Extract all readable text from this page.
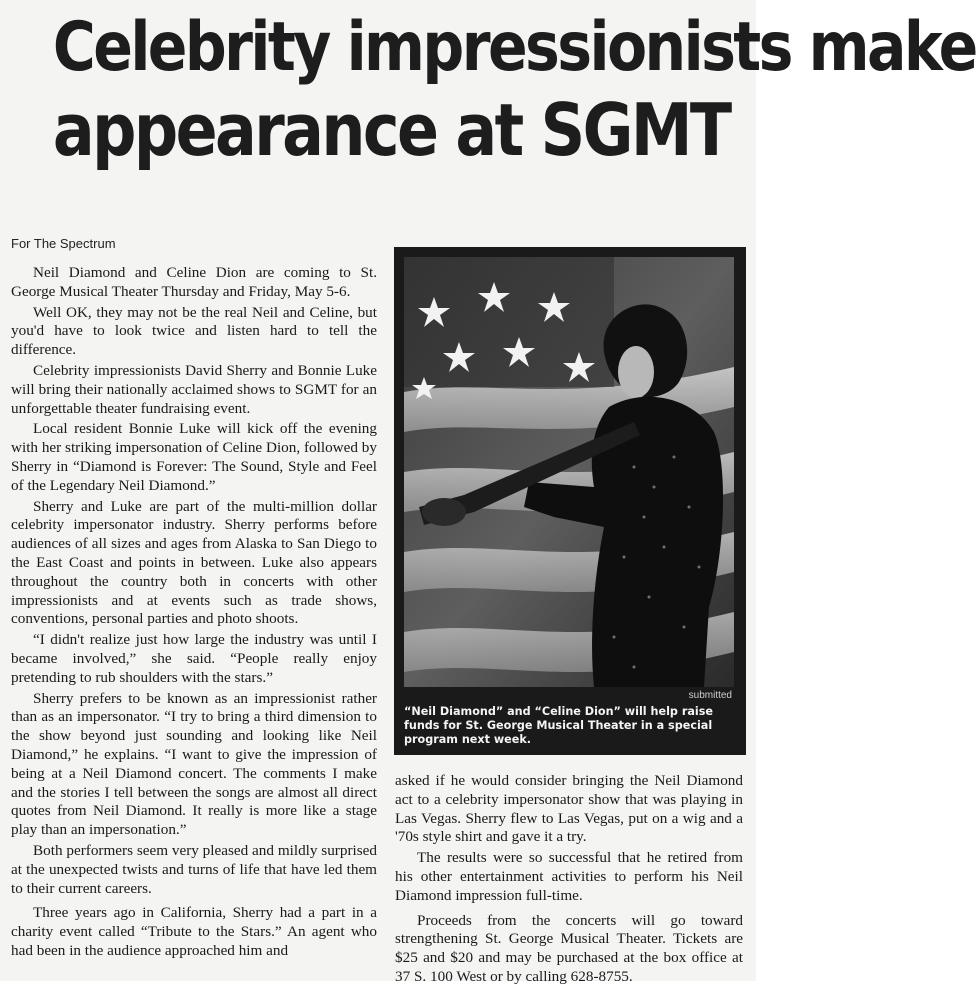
Celebrity impressionists make
appearance at SGMT
For The Spectrum

Neil Diamond and Celine Dion are coming to St. George Musical Theater Thursday and Friday, May 5-6.

Well OK, they may not be the real Neil and Celine, but you'd have to look twice and listen hard to tell the difference.

Celebrity impressionists David Sherry and Bonnie Luke will bring their nationally acclaimed shows to SGMT for an unforgettable theater fundraising event.

Local resident Bonnie Luke will kick off the evening with her striking impersonation of Celine Dion, followed by Sherry in “Diamond is Forever: The Sound, Style and Feel of the Legendary Neil Diamond.”

Sherry and Luke are part of the multi-million dollar celebrity impersonator industry. Sherry performs before audiences of all sizes and ages from Alaska to San Diego to the East Coast and points in between. Luke also appears throughout the country both in concerts with other impressionists and at events such as trade shows, conventions, personal parties and photo shoots.

“I didn't realize just how large the industry was until I became involved,” she said. “People really enjoy pretending to rub shoulders with the stars.”

Sherry prefers to be known as an impressionist rather than as an impersonator. “I try to bring a third dimension to the show beyond just sounding and looking like Neil Diamond,” he explains. “I want to give the impression of being at a Neil Diamond concert. The comments I make and the stories I tell between the songs are almost all direct quotes from Neil Diamond. It really is more like a stage play than an impersonation.”

Both performers seem very pleased and mildly surprised at the unexpected twists and turns of life that have led them to their current careers.

Three years ago in California, Sherry had a part in a charity event called “Tribute to the Stars.” An agent who had been in the audience approached him and

submitted
“Neil Diamond” and “Celine Dion” will help raise funds for St. George Musical Theater in a special program next week.

asked if he would consider bringing the Neil Diamond act to a celebrity impersonator show that was playing in Las Vegas. Sherry flew to Las Vegas, put on a wig and a '70s style shirt and gave it a try.

The results were so successful that he retired from his other entertainment activities to perform his Neil Diamond impression full-time.

Proceeds from the concerts will go toward strengthening St. George Musical Theater. Tickets are $25 and $20 and may be purchased at the box office at 37 S. 100 West or by calling 628-8755.
